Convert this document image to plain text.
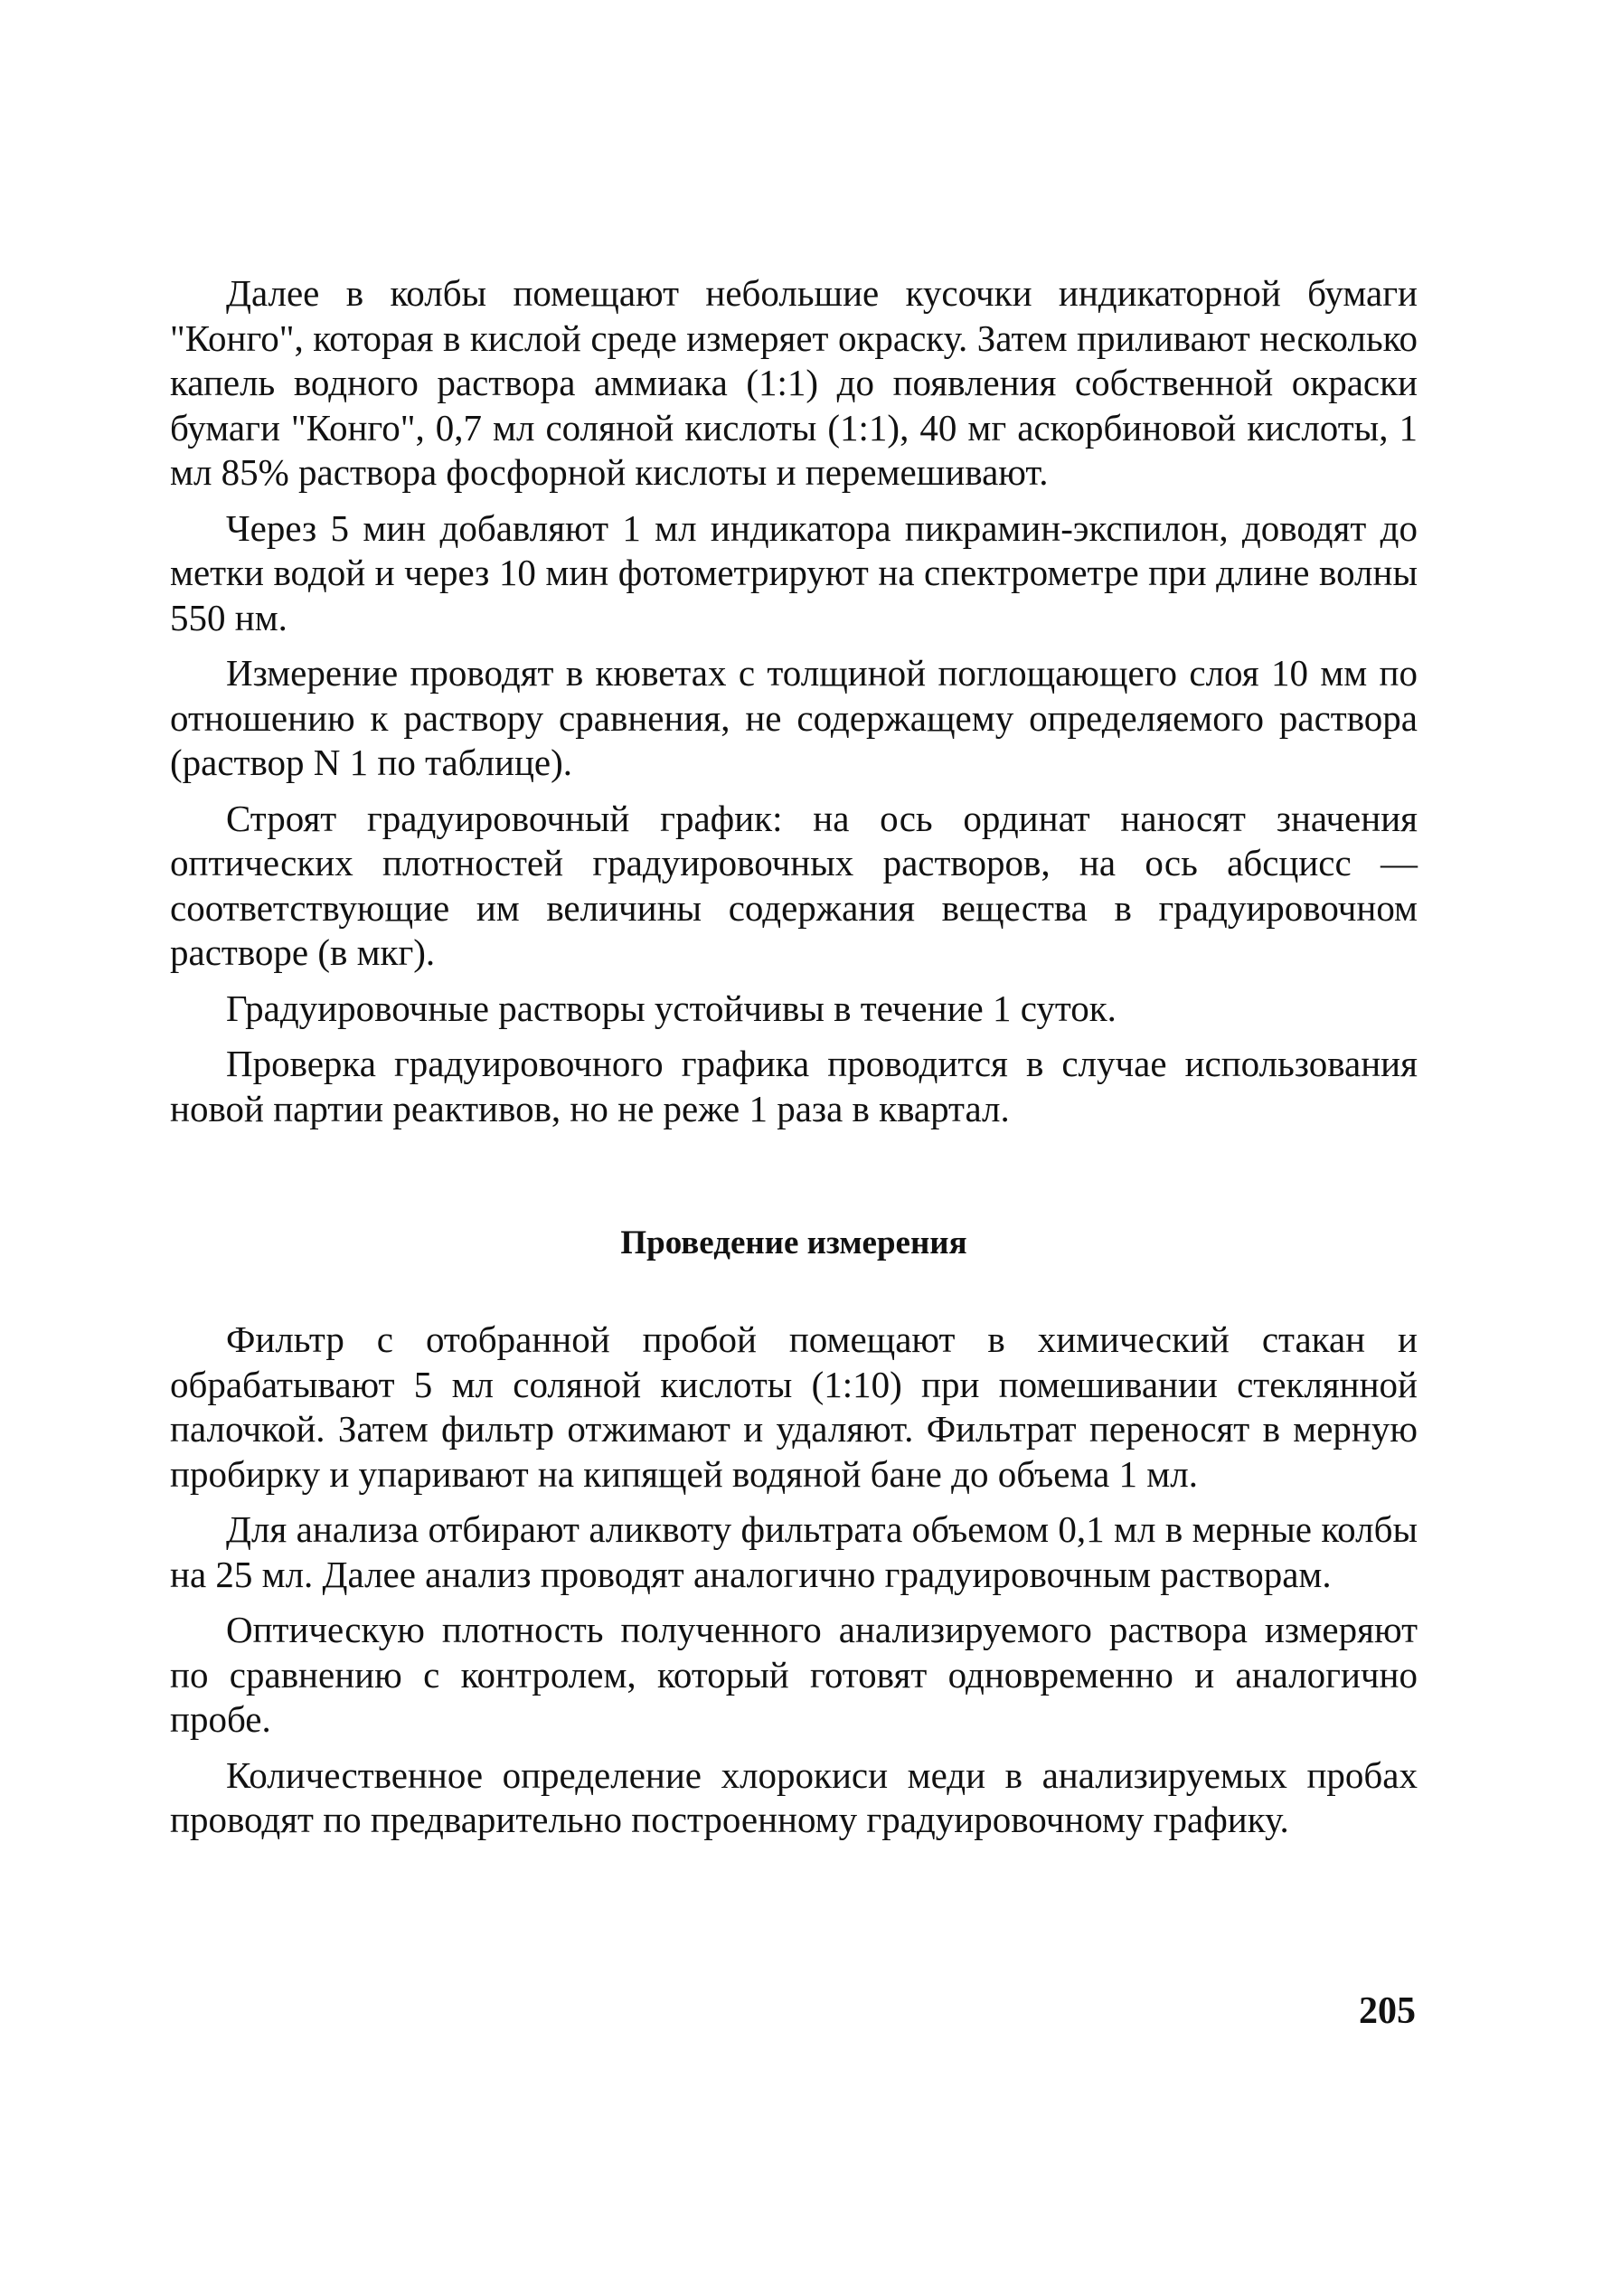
Далее в колбы помещают небольшие кусочки индикаторной бумаги "Конго", которая в кислой среде измеряет окраску. Затем приливают несколько капель водного раствора аммиака (1:1) до появления собственной окраски бумаги "Конго", 0,7 мл соляной кислоты (1:1), 40 мг аскорбиновой кислоты, 1 мл 85% раствора фосфорной кислоты и перемешивают.

Через 5 мин добавляют 1 мл индикатора пикрамин-экспилон, доводят до метки водой и через 10 мин фотометрируют на спектрометре при длине волны 550 нм.

Измерение проводят в кюветах с толщиной поглощающего слоя 10 мм по отношению к раствору сравнения, не содержащему определяемого раствора (раствор N 1 по таблице).

Строят градуировочный график: на ось ординат наносят значения оптических плотностей градуировочных растворов, на ось абсцисс — соответствующие им величины содержания вещества в градуировочном растворе (в мкг).

Градуировочные растворы устойчивы в течение 1 суток.

Проверка градуировочного графика проводится в случае использования новой партии реактивов, но не реже 1 раза в квартал.

Проведение измерения

Фильтр с отобранной пробой помещают в химический стакан и обрабатывают 5 мл соляной кислоты (1:10) при помешивании стеклянной палочкой. Затем фильтр отжимают и удаляют. Фильтрат переносят в мерную пробирку и упаривают на кипящей водяной бане до объема 1 мл.

Для анализа отбирают аликвоту фильтрата объемом 0,1 мл в мерные колбы на 25 мл. Далее анализ проводят аналогично градуировочным растворам.

Оптическую плотность полученного анализируемого раствора измеряют по сравнению с контролем, который готовят одновременно и аналогично пробе.

Количественное определение хлорокиси меди в анализируемых пробах проводят по предварительно построенному градуировочному графику.

205
